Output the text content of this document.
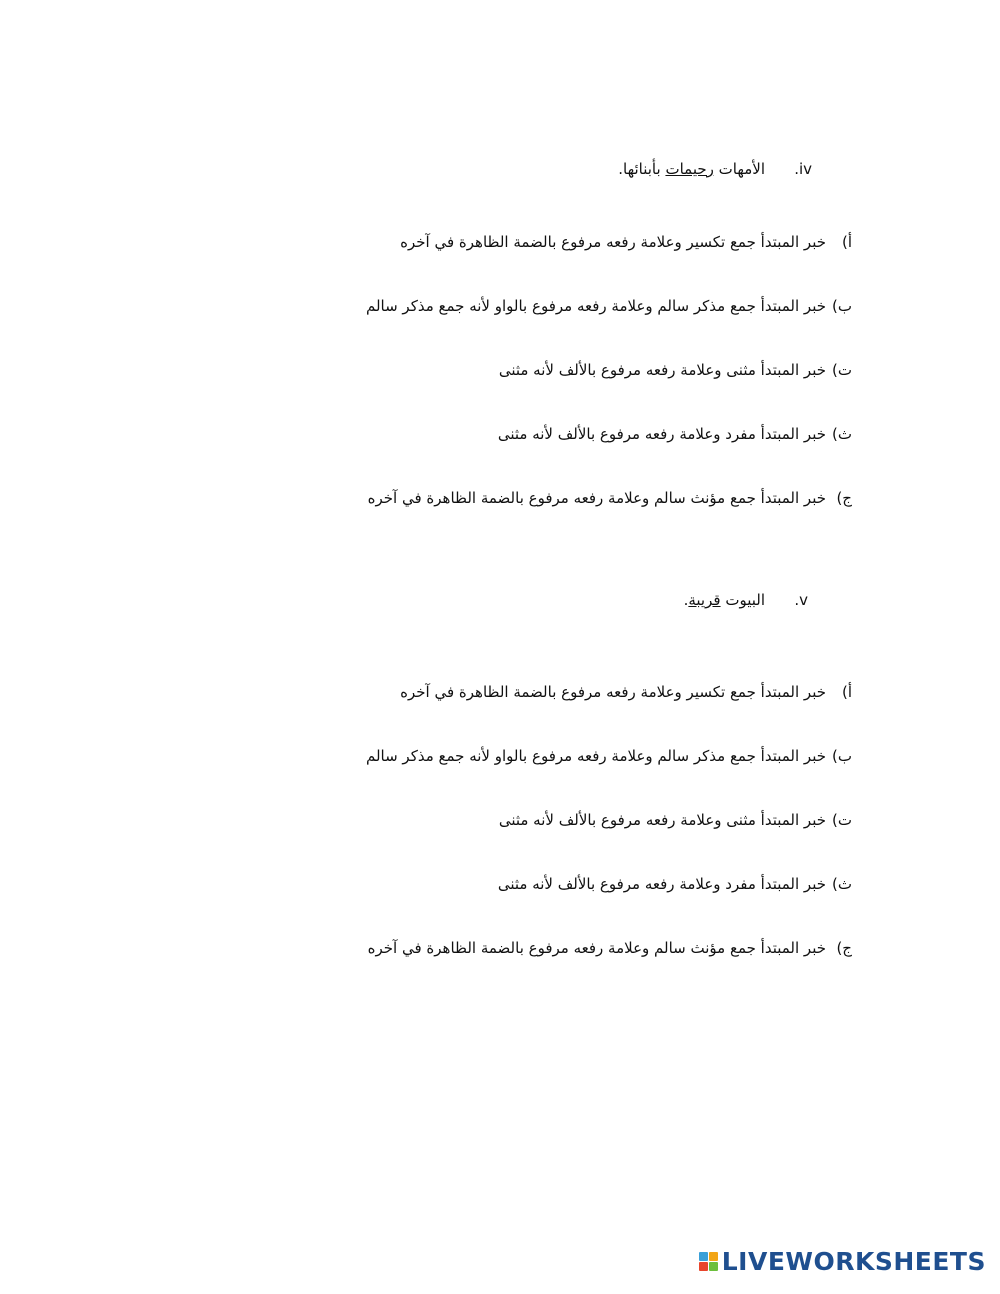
.iv
الأمهات رحيمات بأبنائها.
أ)خبر المبتدأ جمع تكسير وعلامة رفعه مرفوع بالضمة الظاهرة في آخره
ب)خبر المبتدأ جمع مذكر سالم وعلامة رفعه مرفوع بالواو لأنه جمع مذكر سالم
ت)خبر المبتدأ مثنى وعلامة رفعه مرفوع بالألف لأنه مثنى
ث)خبر المبتدأ مفرد وعلامة رفعه مرفوع بالألف لأنه مثنى
ج)خبر المبتدأ جمع مؤنث سالم وعلامة رفعه مرفوع بالضمة الظاهرة في آخره
.v
البيوت قريبة.
أ)خبر المبتدأ جمع تكسير وعلامة رفعه مرفوع بالضمة الظاهرة في آخره
ب)خبر المبتدأ جمع مذكر سالم وعلامة رفعه مرفوع بالواو لأنه جمع مذكر سالم
ت)خبر المبتدأ مثنى وعلامة رفعه مرفوع بالألف لأنه مثنى
ث)خبر المبتدأ مفرد وعلامة رفعه مرفوع بالألف لأنه مثنى
ج)خبر المبتدأ جمع مؤنث سالم وعلامة رفعه مرفوع بالضمة الظاهرة في آخره
LIVEWORKSHEETS
